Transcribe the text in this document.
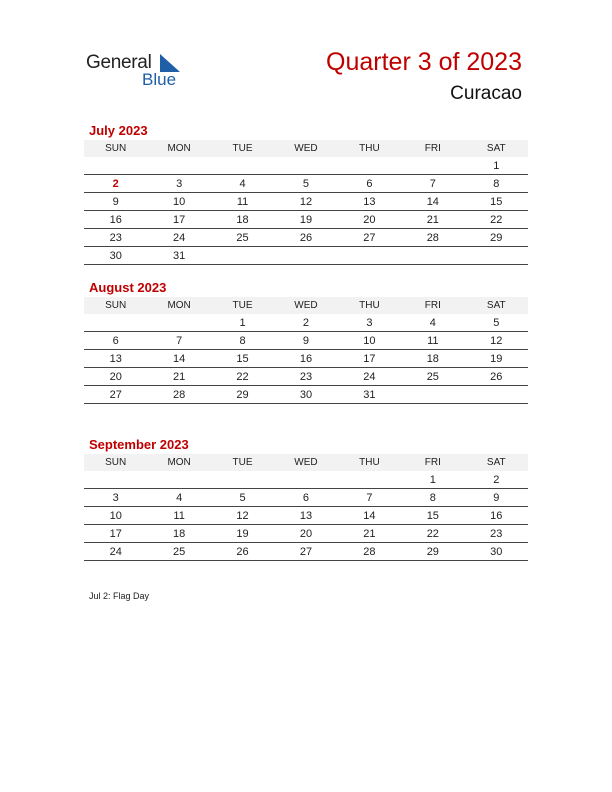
General
Blue
Quarter 3 of 2023
Curacao
July 2023
SUN	MON	TUE	WED	THU	FRI	SAT
						1
2	3	4	5	6	7	8
9	10	11	12	13	14	15
16	17	18	19	20	21	22
23	24	25	26	27	28	29
30	31					
August 2023
SUN	MON	TUE	WED	THU	FRI	SAT
		1	2	3	4	5
6	7	8	9	10	11	12
13	14	15	16	17	18	19
20	21	22	23	24	25	26
27	28	29	30	31		
September 2023
SUN	MON	TUE	WED	THU	FRI	SAT
					1	2
3	4	5	6	7	8	9
10	11	12	13	14	15	16
17	18	19	20	21	22	23
24	25	26	27	28	29	30
Jul 2: Flag Day
